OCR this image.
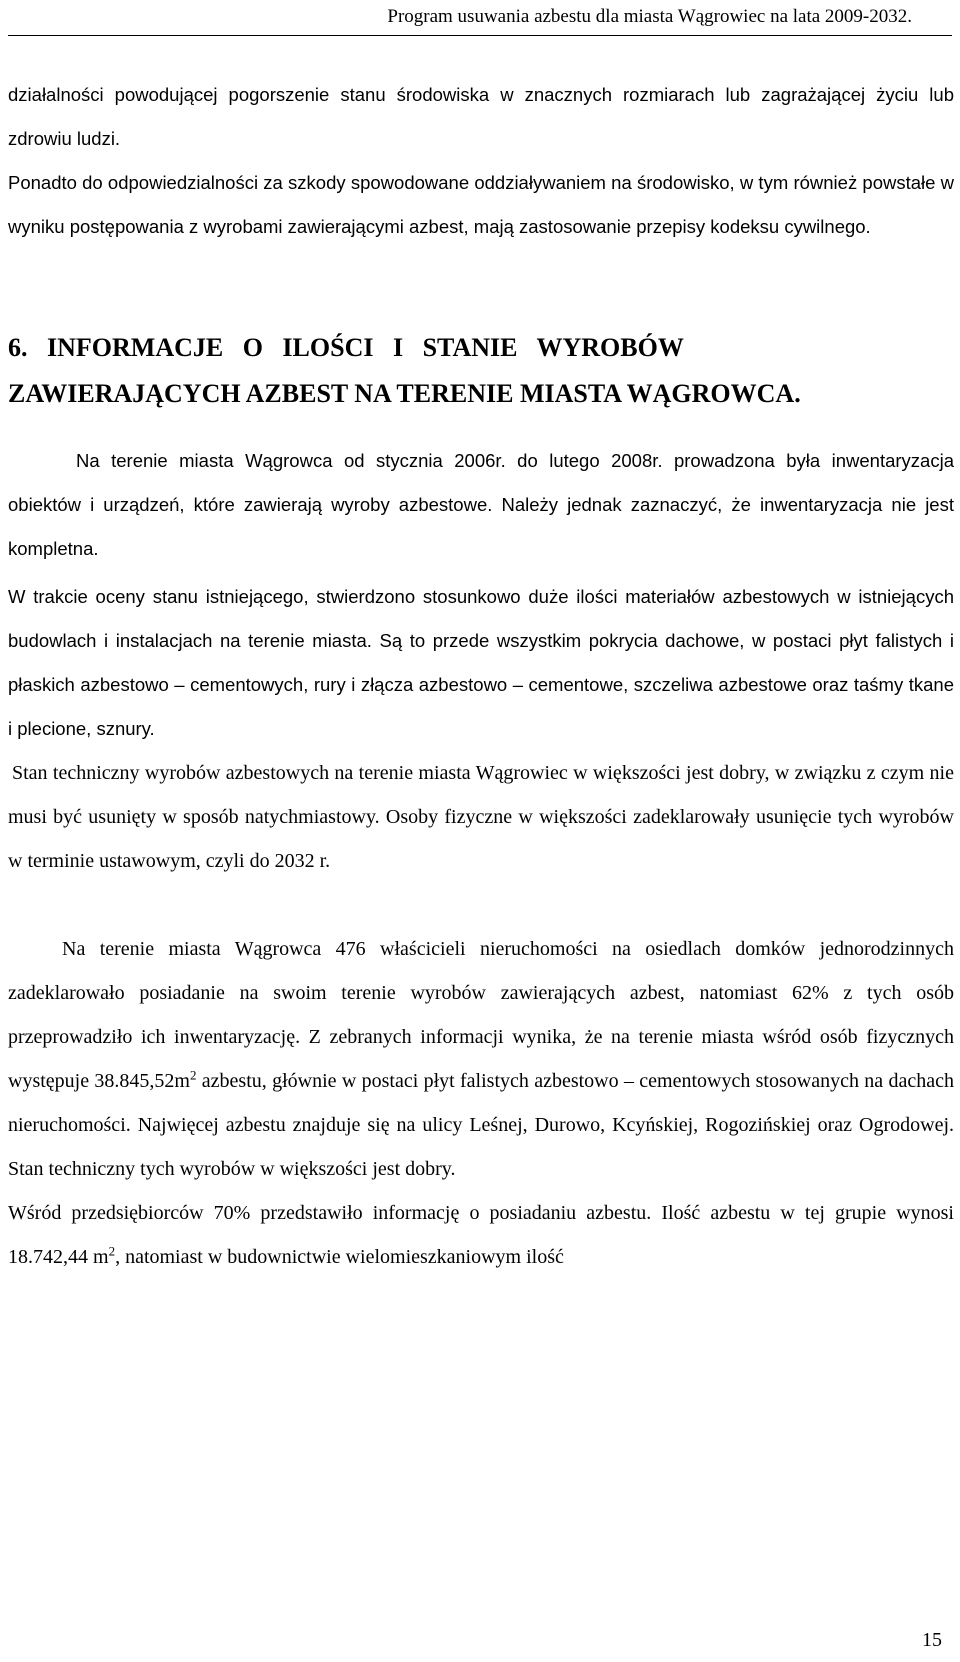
Program usuwania azbestu dla miasta Wągrowiec na lata 2009-2032.

działalności powodującej pogorszenie stanu środowiska w znacznych rozmiarach lub zagrażającej życiu lub zdrowiu ludzi.

Ponadto do odpowiedzialności za szkody spowodowane oddziaływaniem na środowisko, w tym również powstałe w wyniku postępowania z wyrobami zawierającymi azbest, mają zastosowanie przepisy kodeksu cywilnego.

6.   INFORMACJE   O   ILOŚCI   I   STANIE   WYROBÓW

ZAWIERAJĄCYCH AZBEST NA TERENIE MIASTA WĄGROWCA.

Na terenie miasta Wągrowca od stycznia 2006r. do lutego 2008r. prowadzona była inwentaryzacja obiektów i urządzeń, które zawierają wyroby azbestowe. Należy jednak zaznaczyć, że inwentaryzacja nie jest kompletna.

W trakcie oceny stanu istniejącego, stwierdzono stosunkowo duże ilości materiałów azbestowych w istniejących budowlach i instalacjach na terenie miasta. Są to przede wszystkim pokrycia dachowe, w postaci płyt falistych i płaskich azbestowo – cementowych, rury i złącza azbestowo – cementowe, szczeliwa azbestowe oraz taśmy tkane i plecione, sznury.

Stan techniczny wyrobów azbestowych na terenie miasta Wągrowiec w większości jest dobry, w związku z czym nie musi być usunięty w sposób natychmiastowy. Osoby fizyczne w większości zadeklarowały usunięcie tych wyrobów w terminie ustawowym, czyli do 2032 r.

Na terenie miasta Wągrowca 476 właścicieli nieruchomości na osiedlach domków jednorodzinnych zadeklarowało posiadanie na swoim terenie wyrobów zawierających azbest, natomiast 62% z tych osób przeprowadziło ich inwentaryzację. Z zebranych informacji wynika, że na terenie miasta wśród osób fizycznych występuje $38.845,52m^2$ azbestu, głównie w postaci płyt falistych azbestowo – cementowych stosowanych na dachach nieruchomości. Najwięcej azbestu znajduje się na ulicy Leśnej, Durowo, Kcyńskiej, Rogozińskiej oraz Ogrodowej. Stan techniczny tych wyrobów w większości jest dobry.

Wśród przedsiębiorców 70% przedstawiło informację o posiadaniu azbestu. Ilość azbestu w tej grupie wynosi 18.742,44 $m^2$, natomiast w budownictwie wielomieszkaniowym ilość

15
